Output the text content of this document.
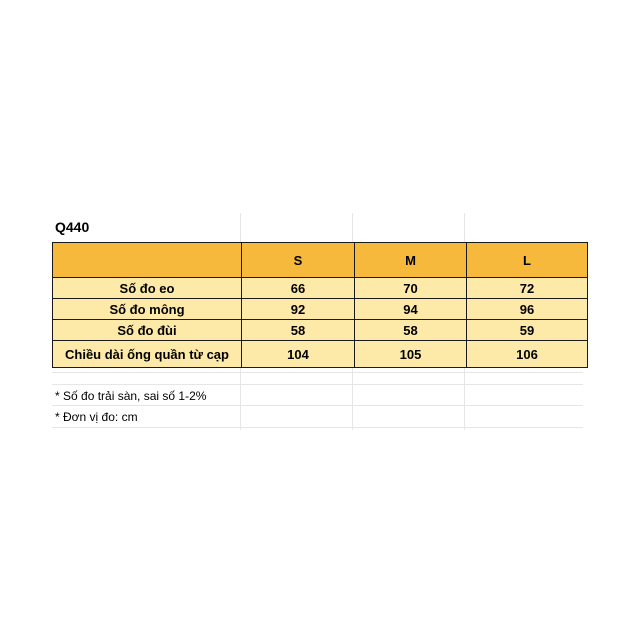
Q440
	S	M	L
Số đo eo	66	70	72
Số đo mông	92	94	96
Số đo đùi	58	58	59
Chiều dài ống quần từ cạp	104	105	106
* Số đo trải sàn, sai số 1-2%
* Đơn vị đo: cm
